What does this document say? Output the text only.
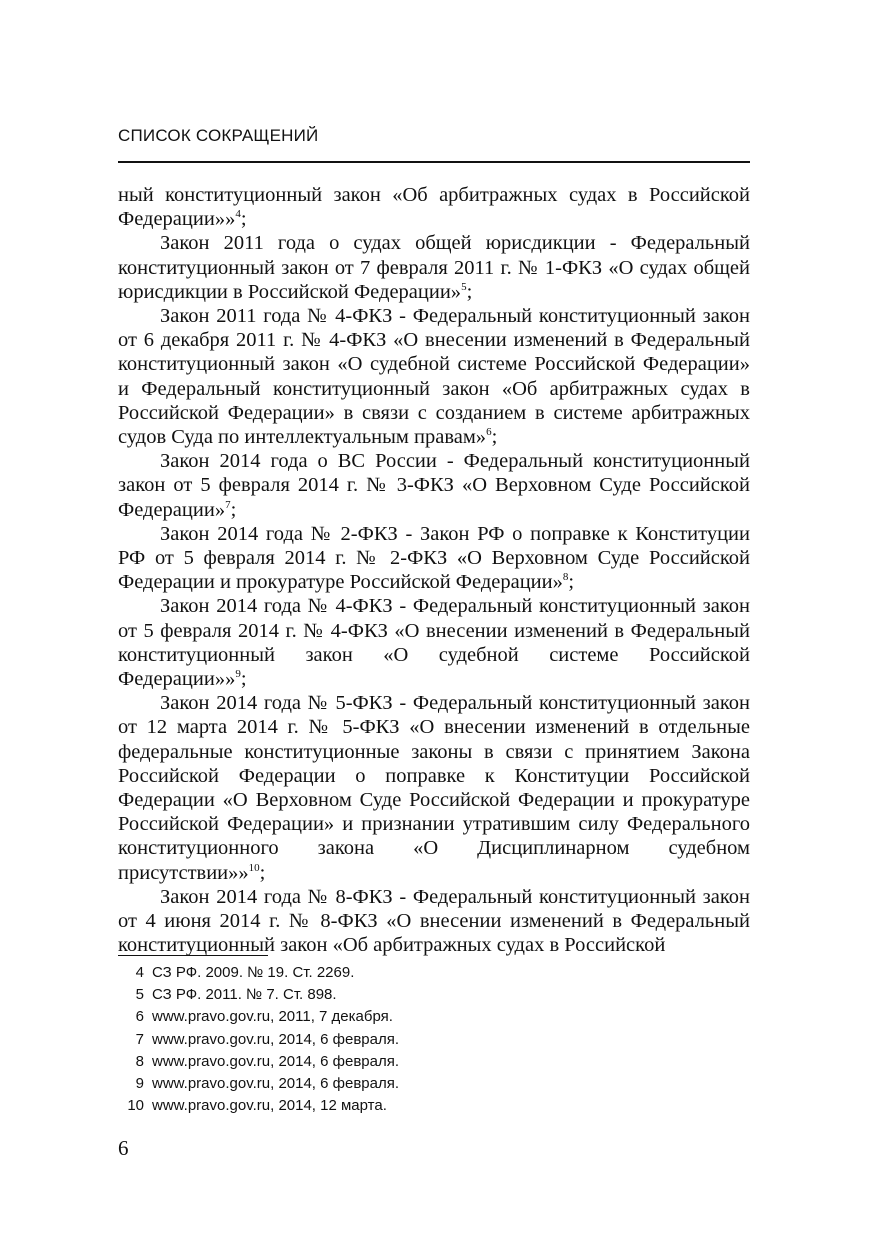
СПИСОК СОКРАЩЕНИЙ

ный конституционный закон «Об арбитражных судах в Российской Федерации»»$^4$;

Закон 2011 года о судах общей юрисдикции - Федеральный конституционный закон от 7 февраля 2011 г. № 1-ФКЗ «О судах общей юрисдикции в Российской Федерации»$^5$;

Закон 2011 года № 4-ФКЗ - Федеральный конституционный закон от 6 декабря 2011 г. № 4-ФКЗ «О внесении изменений в Федеральный конституционный закон «О судебной системе Российской Федерации» и Федеральный конституционный закон «Об арбитражных судах в Российской Федерации» в связи с созданием в системе арбитражных судов Суда по интеллектуальным правам»$^6$;

Закон 2014 года о ВС России - Федеральный конституционный закон от 5 февраля 2014 г. № 3-ФКЗ «О Верховном Суде Российской Федерации»$^7$;

Закон 2014 года № 2-ФКЗ - Закон РФ о поправке к Конституции РФ от 5 февраля 2014 г. № 2-ФКЗ «О Верховном Суде Российской Федерации и прокуратуре Российской Федерации»$^8$;

Закон 2014 года № 4-ФКЗ - Федеральный конституционный закон от 5 февраля 2014 г. № 4-ФКЗ «О внесении изменений в Федеральный конституционный закон «О судебной системе Российской Федерации»»$^9$;

Закон 2014 года № 5-ФКЗ - Федеральный конституционный закон от 12 марта 2014 г. № 5-ФКЗ «О внесении изменений в отдельные федеральные конституционные законы в связи с принятием Закона Российской Федерации о поправке к Конституции Российской Федерации «О Верховном Суде Российской Федерации и прокуратуре Российской Федерации» и признании утратившим силу Федерального конституционного закона «О Дисциплинарном судебном присутствии»»$^{10}$;

Закон 2014 года № 8-ФКЗ - Федеральный конституционный закон от 4 июня 2014 г. № 8-ФКЗ «О внесении изменений в Федеральный конституционный закон «Об арбитражных судах в Российской

4 СЗ РФ. 2009. № 19. Ст. 2269.
5 СЗ РФ. 2011. № 7. Ст. 898.
6 www.pravo.gov.ru, 2011, 7 декабря.
7 www.pravo.gov.ru, 2014, 6 февраля.
8 www.pravo.gov.ru, 2014, 6 февраля.
9 www.pravo.gov.ru, 2014, 6 февраля.
10 www.pravo.gov.ru, 2014, 12 марта.
6
